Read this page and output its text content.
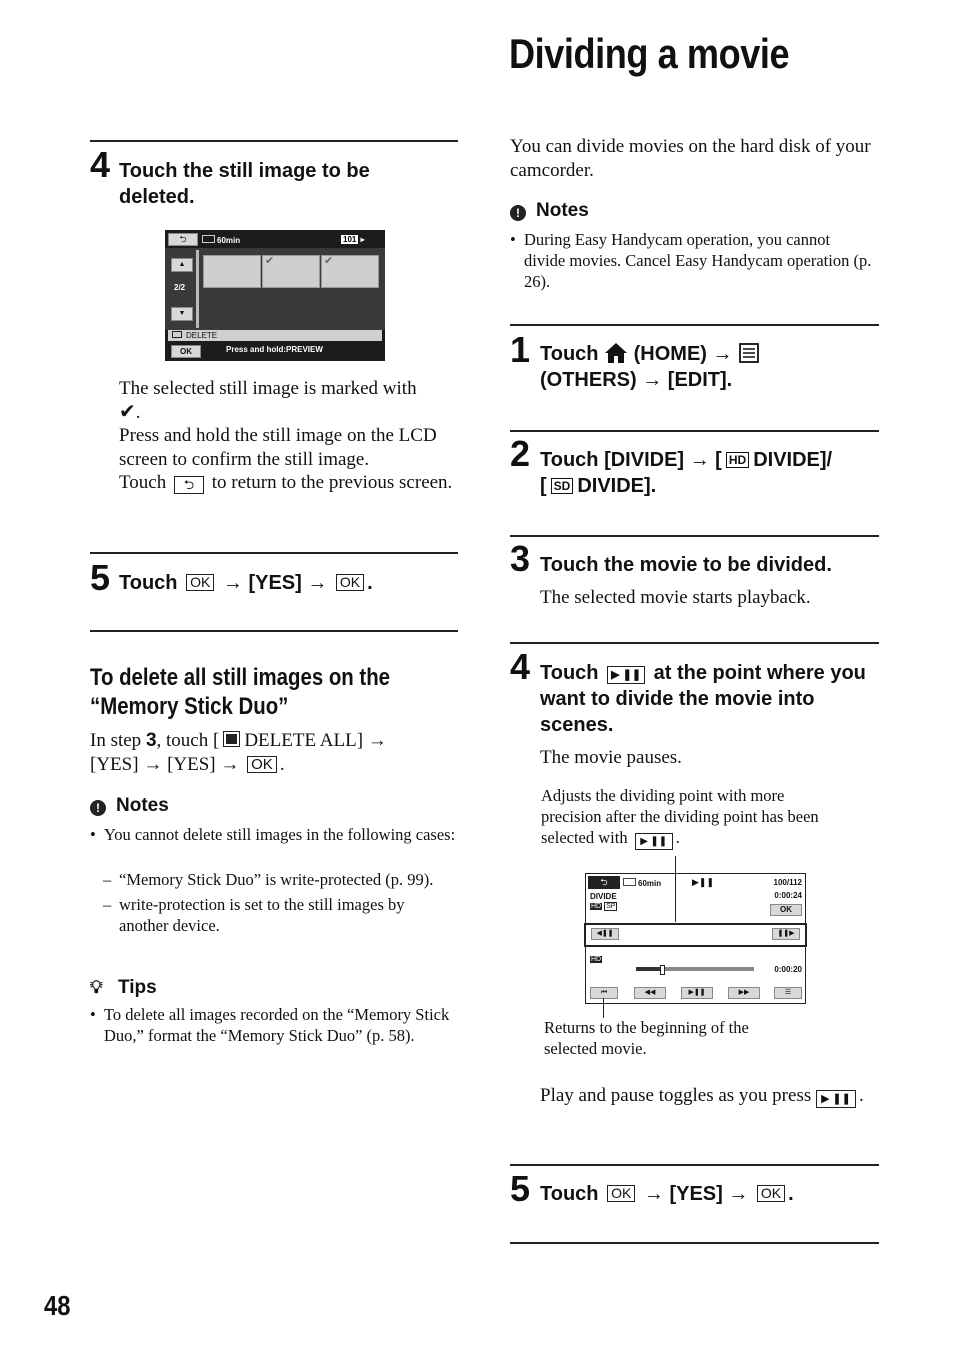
Dividing a movie
4 Touch the still image to be deleted.
⮌	60min	101 ▸
▲
2/2
▼
✔	✔
DELETE
OK	Press and hold:PREVIEW
The selected still image is marked with
✔.
Press and hold the still image on the LCD screen to confirm the still image.
Touch ⮌ to return to the previous screen.
5 Touch OK → [YES] → OK .
To delete all still images on the
“Memory Stick Duo”
In step 3, touch [ DELETE ALL] →
[YES] → [YES] → OK .
! Notes
• You cannot delete still images in the following cases:
– “Memory Stick Duo” is write-protected (p. 99).
– write-protection is set to the still images by another device.
💡︎ Tips
• To delete all images recorded on the “Memory Stick Duo,” format the “Memory Stick Duo” (p. 58).
48
You can divide movies on the hard disk of your camcorder.
! Notes
• During Easy Handycam operation, you cannot divide movies. Cancel Easy Handycam operation (p. 26).
1 Touch (HOME) →
(OTHERS) → [EDIT].
2 Touch [DIVIDE] → [ HD DIVIDE]/
[ SD DIVIDE].
3 Touch the movie to be divided.
The selected movie starts playback.
4 Touch ▶ ❚❚ at the point where you want to divide the movie into scenes.
The movie pauses.
Adjusts the dividing point with more precision after the dividing point has been selected with ▶ ❚❚ .
⮌	60min	▶❚❚	100/112
0:00:24
DIVIDE
HD SP	OK
◀❚❚	❚❚▶
HD
0:00:20
⏮	◀◀	▶❚❚	▶▶	☰
Returns to the beginning of the selected movie.
Play and pause toggles as you press ▶ ❚❚ .
5 Touch OK → [YES] → OK .
